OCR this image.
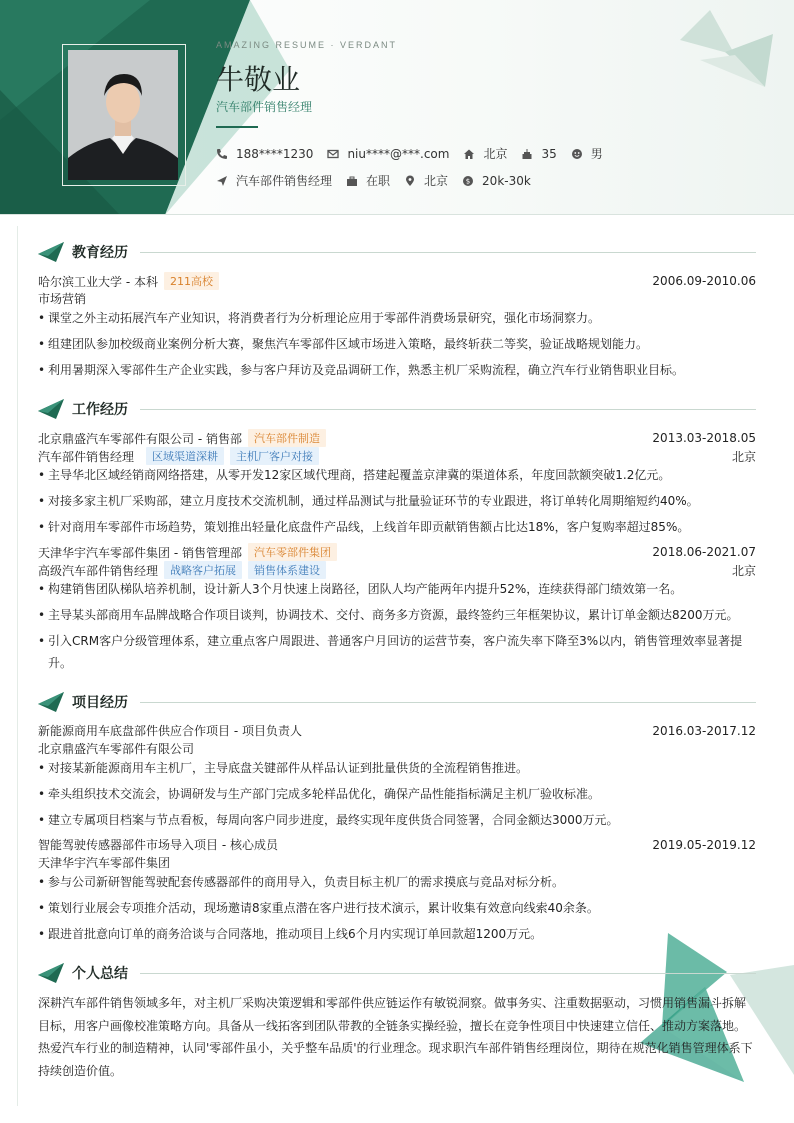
AMAZING RESUME · VERDANT
牛敬业
汽车部件销售经理
188****1230	niu****@***.com	北京	35	男
汽车部件销售经理	在职	北京	$ 20k-30k
教育经历
哈尔滨工业大学 - 本科	211高校	2006.09-2010.06
市场营销
• 课堂之外主动拓展汽车产业知识，将消费者行为分析理论应用于零部件消费场景研究，强化市场洞察力。
• 组建团队参加校级商业案例分析大赛，聚焦汽车零部件区域市场进入策略，最终斩获二等奖，验证战略规划能力。
• 利用暑期深入零部件生产企业实践，参与客户拜访及竞品调研工作，熟悉主机厂采购流程，确立汽车行业销售职业目标。
工作经历
北京鼎盛汽车零部件有限公司 - 销售部	汽车部件制造	2013.03-2018.05
汽车部件销售经理	区域渠道深耕	主机厂客户对接	北京
• 主导华北区域经销商网络搭建，从零开发12家区域代理商，搭建起覆盖京津冀的渠道体系，年度回款额突破1.2亿元。
• 对接多家主机厂采购部，建立月度技术交流机制，通过样品测试与批量验证环节的专业跟进，将订单转化周期缩短约40%。
• 针对商用车零部件市场趋势，策划推出轻量化底盘件产品线，上线首年即贡献销售额占比达18%，客户复购率超过85%。
天津华宇汽车零部件集团 - 销售管理部	汽车零部件集团	2018.06-2021.07
高级汽车部件销售经理	战略客户拓展	销售体系建设	北京
• 构建销售团队梯队培养机制，设计新人3个月快速上岗路径，团队人均产能两年内提升52%，连续获得部门绩效第一名。
• 主导某头部商用车品牌战略合作项目谈判，协调技术、交付、商务多方资源，最终签约三年框架协议，累计订单金额达8200万元。
• 引入CRM客户分级管理体系，建立重点客户周跟进、普通客户月回访的运营节奏，客户流失率下降至3%以内，销售管理效率显著提升。
项目经历
新能源商用车底盘部件供应合作项目 - 项目负责人	2016.03-2017.12
北京鼎盛汽车零部件有限公司
• 对接某新能源商用车主机厂，主导底盘关键部件从样品认证到批量供货的全流程销售推进。
• 牵头组织技术交流会，协调研发与生产部门完成多轮样品优化，确保产品性能指标满足主机厂验收标准。
• 建立专属项目档案与节点看板，每周向客户同步进度，最终实现年度供货合同签署，合同金额达3000万元。
智能驾驶传感器部件市场导入项目 - 核心成员	2019.05-2019.12
天津华宇汽车零部件集团
• 参与公司新研智能驾驶配套传感器部件的商用导入，负责目标主机厂的需求摸底与竞品对标分析。
• 策划行业展会专项推介活动，现场邀请8家重点潜在客户进行技术演示，累计收集有效意向线索40余条。
• 跟进首批意向订单的商务洽谈与合同落地，推动项目上线6个月内实现订单回款超1200万元。
个人总结
深耕汽车部件销售领域多年，对主机厂采购决策逻辑和零部件供应链运作有敏锐洞察。做事务实、注重数据驱动，习惯用销售漏斗拆解目标，用客户画像校准策略方向。具备从一线拓客到团队带教的全链条实操经验，擅长在竞争性项目中快速建立信任、推动方案落地。热爱汽车行业的制造精神，认同'零部件虽小，关乎整车品质'的行业理念。现求职汽车部件销售经理岗位，期待在规范化销售管理体系下持续创造价值。
